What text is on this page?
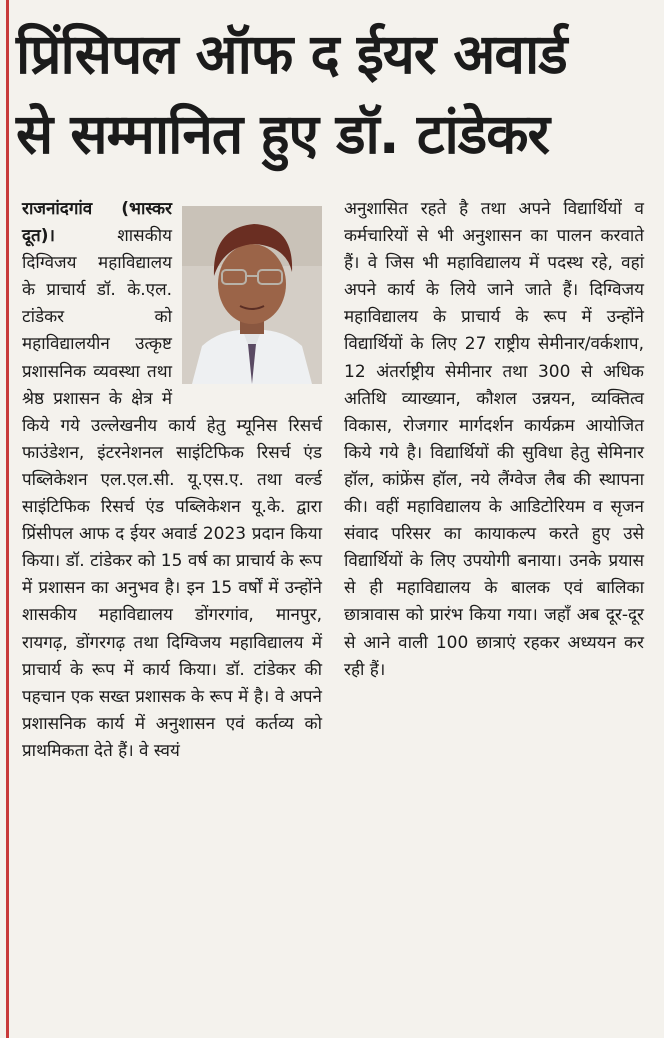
प्रिंसिपल ऑफ द ईयर अवार्ड
से सम्मानित हुए डॉ. टांडेकर

राजनांदगांव (भास्कर दूत)।	शासकीय दिग्विजय महाविद्यालय के प्राचार्य डॉ. के.एल. टांडेकर को महाविद्यालयीन उत्कृष्ट प्रशासनिक व्यवस्था तथा श्रेष्ठ प्रशासन के क्षेत्र में किये गये उल्लेखनीय कार्य हेतु म्यूनिस रिसर्च फाउंडेशन, इंटरनेशनल साइंटिफिक रिसर्च एंड पब्लिकेशन एल.एल.सी. यू.एस.ए. तथा वर्ल्ड साइंटिफिक रिसर्च एंड पब्लिकेशन यू.के. द्वारा प्रिंसीपल आफ द ईयर अवार्ड 2023 प्रदान किया किया। डॉ. टांडेकर को 15 वर्ष का प्राचार्य के रूप में प्रशासन का अनुभव है। इन 15 वर्षों में उन्होंने शासकीय महाविद्यालय डोंगरगांव, मानपुर, रायगढ़, डोंगरगढ़ तथा दिग्विजय महाविद्यालय में प्राचार्य के रूप में कार्य किया। डॉ. टांडेकर की पहचान एक सख्त प्रशासक के रूप में है। वे अपने प्रशासनिक कार्य में अनुशासन एवं कर्तव्य को प्राथमिकता देते हैं। वे स्वयं

अनुशासित रहते है तथा अपने विद्यार्थियों व कर्मचारियों से भी अनुशासन का पालन करवाते हैं। वे जिस भी महाविद्यालय में पदस्थ रहे, वहां अपने कार्य के लिये जाने जाते हैं। दिग्विजय महाविद्यालय के प्राचार्य के रूप में उन्होंने विद्यार्थियों के लिए 27 राष्ट्रीय सेमीनार/वर्कशाप, 12 अंतर्राष्ट्रीय सेमीनार तथा 300 से अधिक अतिथि व्याख्यान, कौशल उन्नयन, व्यक्तित्व विकास, रोजगार मार्गदर्शन कार्यक्रम आयोजित किये गये है। विद्यार्थियों की सुविधा हेतु सेमिनार हॉल, कांफ्रेंस हॉल, नये लैंग्वेज लैब की स्थापना की। वहीं महाविद्यालय के आडिटोरियम व सृजन संवाद परिसर का कायाकल्प करते हुए उसे विद्यार्थियों के लिए उपयोगी बनाया। उनके प्रयास से ही महाविद्यालय के बालक एवं बालिका छात्रावास को प्रारंभ किया गया। जहाँ अब दूर-दूर से आने वाली 100 छात्राएं रहकर अध्ययन कर रही हैं।
